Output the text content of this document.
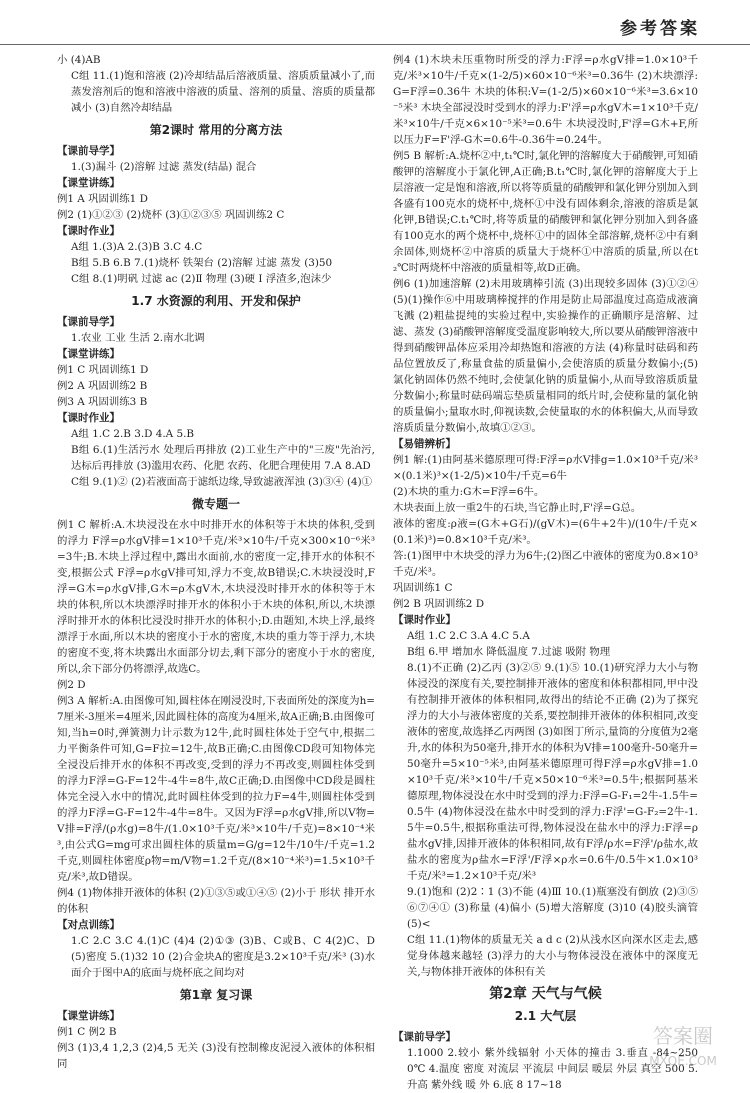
参考答案

小 (4)AB

C组 11.(1)饱和溶液 (2)冷却结晶后溶液质量、溶质质量减小了,而蒸发溶剂后的饱和溶液中溶液的质量、溶剂的质量、溶质的质量都减小 (3)自然冷却结晶

第2课时 常用的分离方法

【课前导学】

1.(3)漏斗 (2)溶解 过滤 蒸发(结晶) 混合

【课堂讲练】

例1 A 巩固训练1 D

例2 (1)①②③ (2)烧杯 (3)①②③⑤ 巩固训练2 C

【课时作业】

A组 1.(3)A 2.(3)B 3.C 4.C

B组 5.B 6.B 7.(1)烧杯 铁架台 (2)溶解 过滤 蒸发 (3)50

C组 8.(1)明矾 过滤 ac (2)Ⅱ 物理 (3)硬 Ⅰ 浮渣多,泡沫少

1.7 水资源的利用、开发和保护

【课前导学】

1.农业 工业 生活 2.南水北调

【课堂讲练】

例1 C 巩固训练1 D

例2 A 巩固训练2 B

例3 A 巩固训练3 B

【课时作业】

A组 1.C 2.B 3.D 4.A 5.B

B组 6.(1)生活污水 处理后再排放 (2)工业生产中的"三废"先治污,达标后再排放 (3)滥用农药、化肥 农药、化肥合理使用 7.A 8.AD

C组 9.(1)② (2)若液面高于滤纸边缘,导致滤液浑浊 (3)③④ (4)①

微专题一

例1 C 解析:A.木块浸没在水中时排开水的体积等于木块的体积,受到的浮力 F浮=ρ水gV排=1×10³千克/米³×10牛/千克×300×10⁻⁶米³=3牛;B.木块上浮过程中,露出水面前,水的密度一定,排开水的体积不变,根据公式 F浮=ρ水gV排可知,浮力不变,故B错误;C.木块浸没时,F浮=G木=ρ水gV排,G木=ρ木gV木,木块浸没时排开水的体积等于木块的体积,所以木块漂浮时排开水的体积小于木块的体积,所以,木块漂浮时排开水的体积比浸没时排开水的体积小;D.由题知,木块上浮,最终漂浮于水面,所以木块的密度小于水的密度,木块的重力等于浮力,木块的密度不变,将木块露出水面部分切去,剩下部分的密度小于水的密度,所以,余下部分仍将漂浮,故选C。

例2 D

例3 A 解析:A.由图像可知,圆柱体在刚浸没时,下表面所处的深度为h=7厘米-3厘米=4厘米,因此圆柱体的高度为4厘米,故A正确;B.由图像可知,当h=0时,弹簧测力计示数为12牛,此时圆柱体处于空气中,根据二力平衡条件可知,G=F拉=12牛,故B正确;C.由图像CD段可知物体完全浸没后排开水的体积不再改变,受到的浮力不再改变,则圆柱体受到的浮力F浮=G-F=12牛-4牛=8牛,故C正确;D.由图像中CD段是圆柱体完全浸入水中的情况,此时圆柱体受到的拉力F=4牛,则圆柱体受到的浮力F浮=G-F=12牛-4牛=8牛。又因为F浮=ρ水gV排,所以V物=V排=F浮/(ρ水g)=8牛/(1.0×10³千克/米³×10牛/千克)=8×10⁻⁴米³,由公式G=mg可求出圆柱体的质量m=G/g=12牛/10牛/千克=1.2千克,则圆柱体密度ρ物=m/V物=1.2千克/(8×10⁻⁴米³)=1.5×10³千克/米³,故D错误。

例4 (1)物体排开液体的体积 (2)①③⑤或①④⑤ (2)小于 形状 排开水的体积

【对点训练】

1.C 2.C 3.C 4.(1)C (4)4 (2)①③ (3)B、C或B、C 4(2)C、D (5)密度 5.(1)32 10 (2)合金块A的密度是3.2×10³千克/米³ (3)水面介于图中A的底面与烧杯底之间均对

第1章 复习课

【课堂讲练】

例1 C 例2 B

例3 (1)3,4 1,2,3 (2)4,5 无关 (3)没有控制橡皮泥浸入液体的体积相同

例4 (1)木块未压重物时所受的浮力:F浮=ρ水gV排=1.0×10³千克/米³×10牛/千克×(1-2/5)×60×10⁻⁶米³=0.36牛 (2)木块漂浮:G=F浮=0.36牛 木块的体积:V=(1-2/5)×60×10⁻⁶米³=3.6×10⁻⁵米³ 木块全部浸没时受到水的浮力:F'浮=ρ水gV木=1×10³千克/米³×10牛/千克×6×10⁻⁵米³=0.6牛 木块浸没时,F'浮=G木+F,所以压力F=F'浮-G木=0.6牛-0.36牛=0.24牛。

例5 B 解析:A.烧杯②中,t₁℃时,氯化钾的溶解度大于硝酸钾,可知硝酸钾的溶解度小于氯化钾,A正确;B.t₁℃时,氯化钾的溶解度大于上层溶液一定是饱和溶液,所以将等质量的硝酸钾和氯化钾分别加入到各盛有100克水的烧杯中,烧杯①中没有固体剩余,溶液的溶质是氯化钾,B错误;C.t₁℃时,将等质量的硝酸钾和氯化钾分别加入到各盛有100克水的两个烧杯中,烧杯①中的固体全部溶解,烧杯②中有剩余固体,则烧杯②中溶质的质量大于烧杯①中溶质的质量,所以在t₂℃时两烧杯中溶液的质量相等,故D正确。

例6 (1)加速溶解 (2)未用玻璃棒引流 (3)出现较多固体 (3)①②④ (5)(1)操作⑥中用玻璃棒搅拌的作用是防止局部温度过高造成液滴飞溅 (2)粗盐提纯的实验过程中,实验操作的正确顺序是溶解、过滤、蒸发 (3)硝酸钾溶解度受温度影响较大,所以要从硝酸钾溶液中得到硝酸钾晶体应采用冷却热饱和溶液的方法 (4)称量时砝码和药品位置放反了,称量食盐的质量偏小,会使溶质的质量分数偏小;(5)氯化钠固体仍然不纯时,会使氯化钠的质量偏小,从而导致溶质质量分数偏小;称量时砝码端忘垫质量相同的纸片时,会使称量的氯化钠的质量偏小;量取水时,仰视读数,会使量取的水的体积偏大,从而导致溶质质量分数偏小,故填①②③。

【易错辨析】

例1 解:(1)由阿基米德原理可得:F浮=ρ水V排g=1.0×10³千克/米³×(0.1米)³×(1-2/5)×10牛/千克=6牛

(2)木块的重力:G木=F浮=6牛。

木块表面上放一重2牛的石块,当它静止时,F'浮=G总。

液体的密度:ρ液=(G木+G石)/(gV木)=(6牛+2牛)/(10牛/千克×(0.1米)³)=0.8×10³千克/米³。

答:(1)图甲中木块受的浮力为6牛;(2)图乙中液体的密度为0.8×10³千克/米³。

巩固训练1 C

例2 B 巩固训练2 D

【课时作业】

A组 1.C 2.C 3.A 4.C 5.A

B组 6.甲 增加水 降低温度 7.过滤 吸附 物理

8.(1)不正确 (2)乙丙 (3)②⑤ 9.(1)⑤ 10.(1)研究浮力大小与物体浸没的深度有关,要控制排开液体的密度和体积都相同,甲中没有控制排开液体的体积相同,故得出的结论不正确 (2)为了探究浮力的大小与液体密度的关系,要控制排开液体的体积相同,改变液体的密度,故选择乙丙两图 (3)如图丁所示,量筒的分度值为2毫升,水的体积为50毫升,排开水的体积为V排=100毫升-50毫升=50毫升=5×10⁻⁵米³,由阿基米德原理可得F浮=ρ水gV排=1.0×10³千克/米³×10牛/千克×50×10⁻⁶米³=0.5牛;根据阿基米德原理,物体浸没在水中时受到的浮力:F浮=G-F₁=2牛-1.5牛=0.5牛 (4)物体浸没在盐水中时受到的浮力:F浮'=G-F₂=2牛-1.5牛=0.5牛,根据称重法可得,物体浸没在盐水中的浮力:F浮=ρ盐水gV排,因排开液体的体积相同,故有F浮/ρ水=F浮'/ρ盐水,故盐水的密度为ρ盐水=F浮'/F浮×ρ水=0.6牛/0.5牛×1.0×10³千克/米³=1.2×10³千克/米³

9.(1)饱和 (2)2∶1 (3)不能 (4)Ⅲ 10.(1)瓶塞没有倒放 (2)③⑤⑥⑦④① (3)称量 (4)偏小 (5)增大溶解度 (3)10 (4)胶头滴管 (5)<

C组 11.(1)物体的质量无关 a d c (2)从浅水区向深水区走去,感觉身体越来越轻 (3)浮力的大小与物体浸没在液体中的深度无关,与物体排开液体的体积有关

第2章 天气与气候
2.1 大气层

【课前导学】

1.1000 2.较小 紫外线辐射 小天体的撞击 3.垂直 -84~2500℃ 4.温度 密度 对流层 平流层 中间层 暖层 外层 真空 500 5.升高 紫外线 暖 外 6.底 8 17~18

答案圈
MXQE.COM
